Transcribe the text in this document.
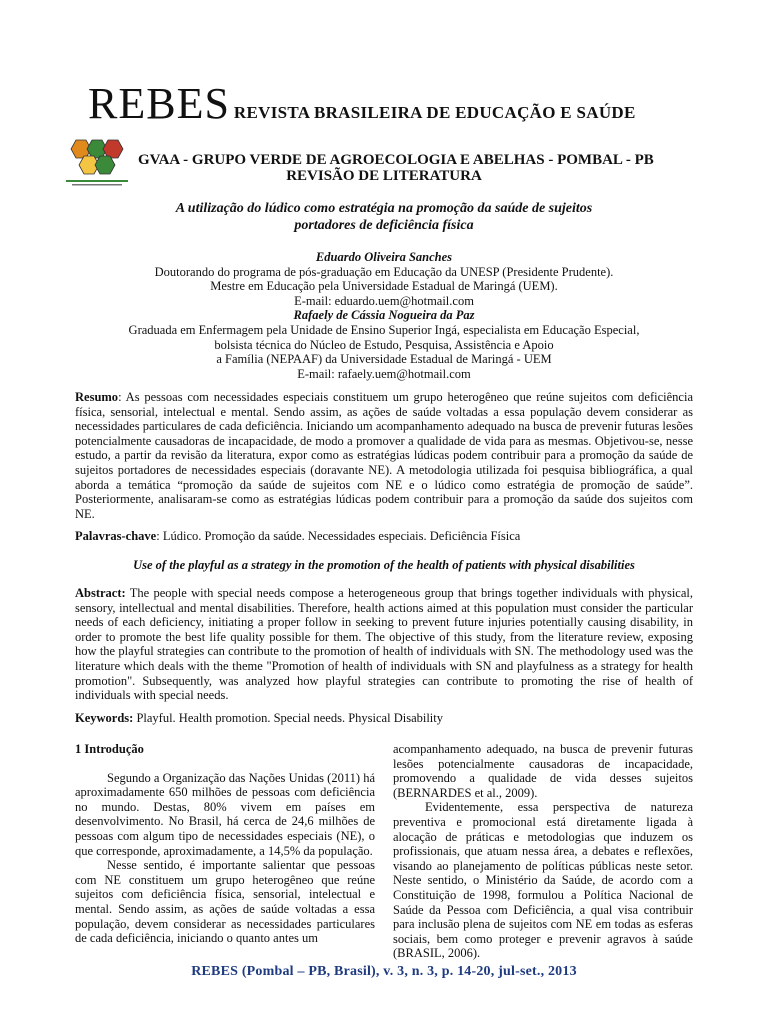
REBES REVISTA BRASILEIRA DE EDUCAÇÃO E SAÚDE
GVAA - GRUPO VERDE DE AGROECOLOGIA E ABELHAS - POMBAL - PB
REVISÃO DE LITERATURA
A utilização do lúdico como estratégia na promoção da saúde de sujeitos
portadores de deficiência física
Eduardo Oliveira Sanches
Doutorando do programa de pós-graduação em Educação da UNESP (Presidente Prudente).
Mestre em Educação pela Universidade Estadual de Maringá (UEM).
E-mail: eduardo.uem@hotmail.com
Rafaely de Cássia Nogueira da Paz
Graduada em Enfermagem pela Unidade de Ensino Superior Ingá, especialista em Educação Especial,
bolsista técnica do Núcleo de Estudo, Pesquisa, Assistência e Apoio
a Família (NEPAAF) da Universidade Estadual de Maringá - UEM
E-mail: rafaely.uem@hotmail.com
Resumo: As pessoas com necessidades especiais constituem um grupo heterogêneo que reúne sujeitos com deficiência física, sensorial, intelectual e mental. Sendo assim, as ações de saúde voltadas a essa população devem considerar as necessidades particulares de cada deficiência. Iniciando um acompanhamento adequado na busca de prevenir futuras lesões potencialmente causadoras de incapacidade, de modo a promover a qualidade de vida para as mesmas. Objetivou-se, nesse estudo, a partir da revisão da literatura, expor como as estratégias lúdicas podem contribuir para a promoção da saúde de sujeitos portadores de necessidades especiais (doravante NE). A metodologia utilizada foi pesquisa bibliográfica, a qual aborda a temática “promoção da saúde de sujeitos com NE e o lúdico como estratégia de promoção de saúde”. Posteriormente, analisaram-se como as estratégias lúdicas podem contribuir para a promoção da saúde dos sujeitos com NE.
Palavras-chave: Lúdico. Promoção da saúde. Necessidades especiais. Deficiência Física
Use of the playful as a strategy in the promotion of the health of patients with physical disabilities
Abstract: The people with special needs compose a heterogeneous group that brings together individuals with physical, sensory, intellectual and mental disabilities. Therefore, health actions aimed at this population must consider the particular needs of each deficiency, initiating a proper follow in seeking to prevent future injuries potentially causing disability, in order to promote the best life quality possible for them. The objective of this study, from the literature review, exposing how the playful strategies can contribute to the promotion of health of individuals with SN. The methodology used was the literature which deals with the theme "Promotion of health of individuals with SN and playfulness as a strategy for health promotion". Subsequently, was analyzed how playful strategies can contribute to promoting the rise of health of individuals with special needs.
Keywords: Playful. Health promotion. Special needs. Physical Disability

1 Introdução

Segundo a Organização das Nações Unidas (2011) há aproximadamente 650 milhões de pessoas com deficiência no mundo. Destas, 80% vivem em países em desenvolvimento. No Brasil, há cerca de 24,6 milhões de pessoas com algum tipo de necessidades especiais (NE), o que corresponde, aproximadamente, a 14,5% da população.

Nesse sentido, é importante salientar que pessoas com NE constituem um grupo heterogêneo que reúne sujeitos com deficiência física, sensorial, intelectual e mental. Sendo assim, as ações de saúde voltadas a essa população, devem considerar as necessidades particulares de cada deficiência, iniciando o quanto antes um

acompanhamento adequado, na busca de prevenir futuras lesões potencialmente causadoras de incapacidade, promovendo a qualidade de vida desses sujeitos (BERNARDES et al., 2009).

Evidentemente, essa perspectiva de natureza preventiva e promocional está diretamente ligada à alocação de práticas e metodologias que induzem os profissionais, que atuam nessa área, a debates e reflexões, visando ao planejamento de políticas públicas neste setor. Neste sentido, o Ministério da Saúde, de acordo com a Constituição de 1998, formulou a Política Nacional de Saúde da Pessoa com Deficiência, a qual visa contribuir para inclusão plena de sujeitos com NE em todas as esferas sociais, bem como proteger e prevenir agravos à saúde (BRASIL, 2006).

REBES (Pombal – PB, Brasil), v. 3, n. 3, p. 14-20, jul-set., 2013
